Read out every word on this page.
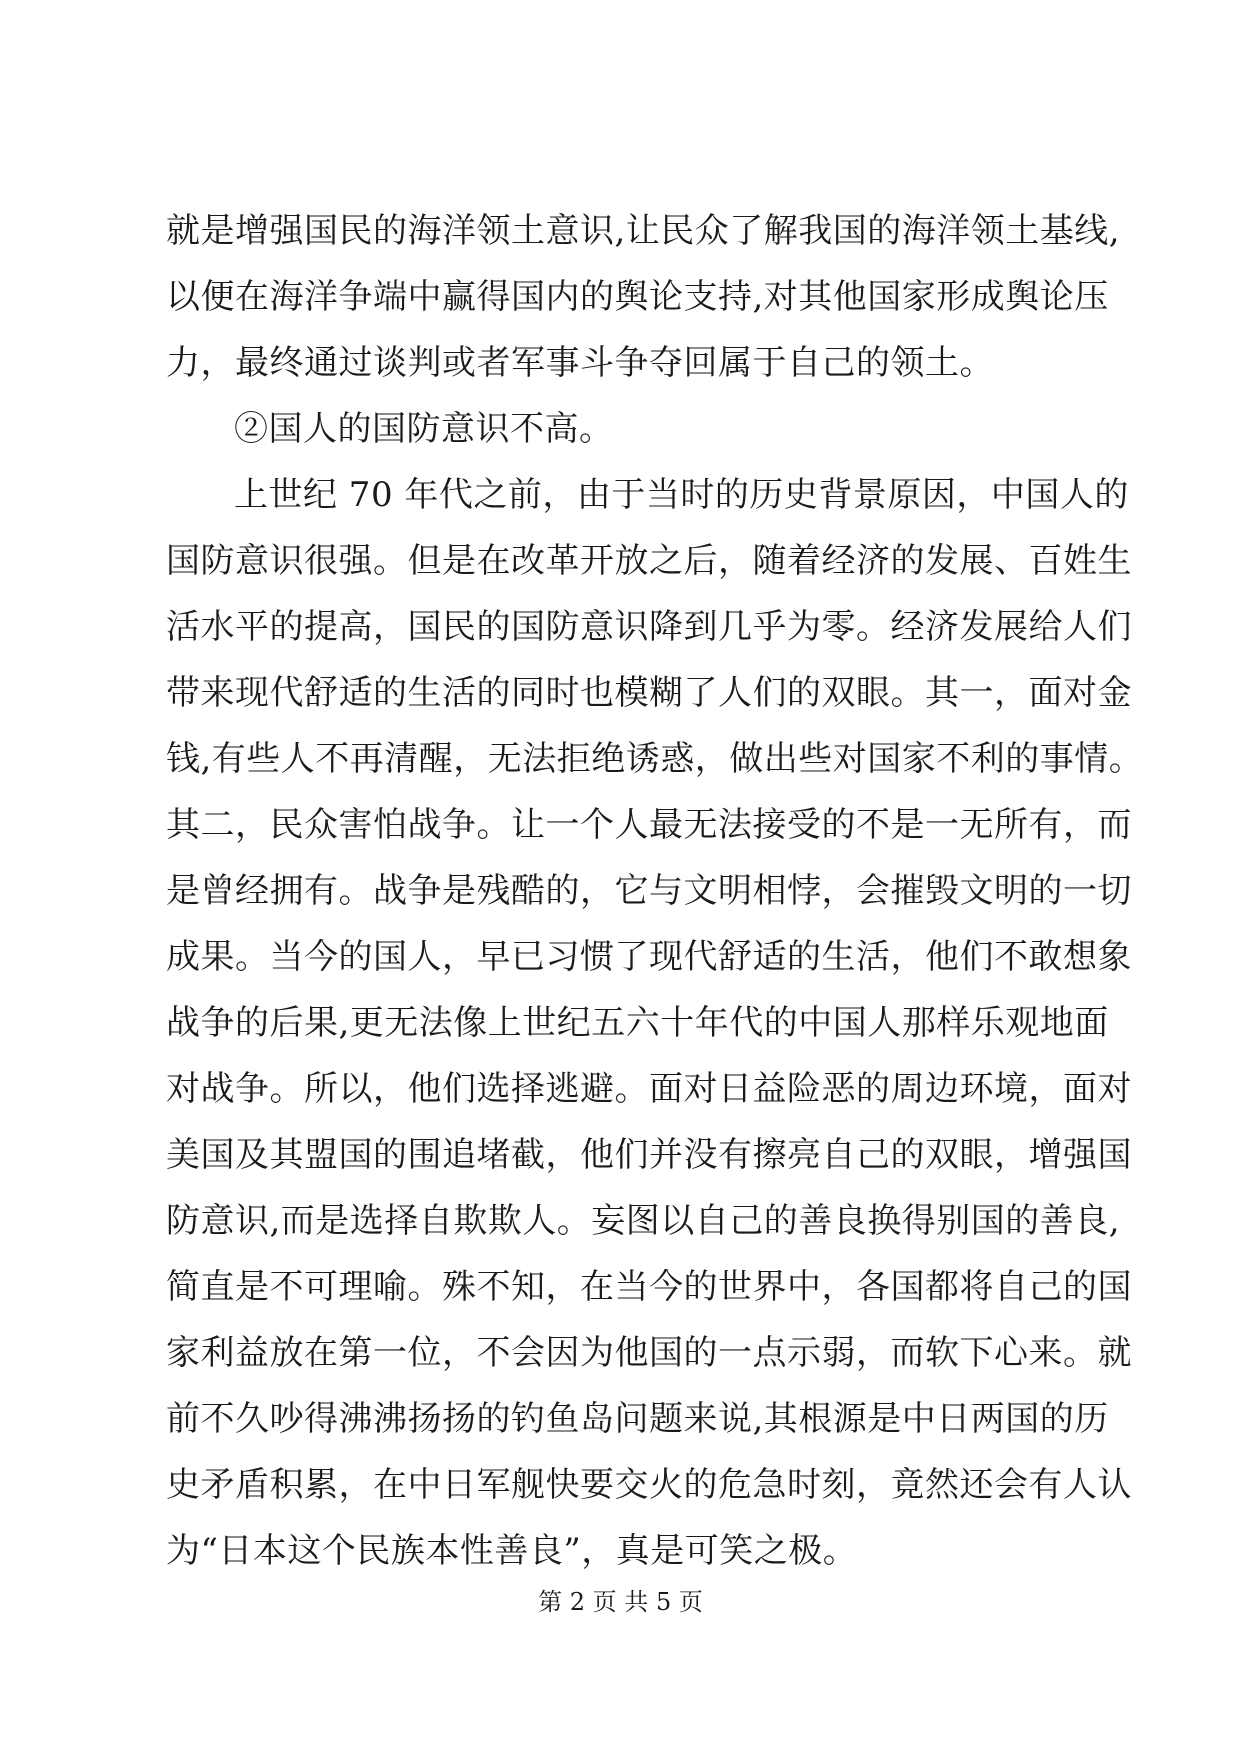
就是增强国民的海洋领土意识,让民众了解我国的海洋领土基线,
以便在海洋争端中赢得国内的舆论支持,对其他国家形成舆论压
力，最终通过谈判或者军事斗争夺回属于自己的领土。
②国人的国防意识不高。
上世纪 70 年代之前，由于当时的历史背景原因，中国人的
国防意识很强。但是在改革开放之后，随着经济的发展、百姓生
活水平的提高，国民的国防意识降到几乎为零。经济发展给人们
带来现代舒适的生活的同时也模糊了人们的双眼。其一，面对金
钱,有些人不再清醒，无法拒绝诱惑，做出些对国家不利的事情。
其二，民众害怕战争。让一个人最无法接受的不是一无所有，而
是曾经拥有。战争是残酷的，它与文明相悖，会摧毁文明的一切
成果。当今的国人，早已习惯了现代舒适的生活，他们不敢想象
战争的后果,更无法像上世纪五六十年代的中国人那样乐观地面
对战争。所以，他们选择逃避。面对日益险恶的周边环境，面对
美国及其盟国的围追堵截，他们并没有擦亮自己的双眼，增强国
防意识,而是选择自欺欺人。妄图以自己的善良换得别国的善良,
简直是不可理喻。殊不知，在当今的世界中，各国都将自己的国
家利益放在第一位，不会因为他国的一点示弱，而软下心来。就
前不久吵得沸沸扬扬的钓鱼岛问题来说,其根源是中日两国的历
史矛盾积累，在中日军舰快要交火的危急时刻，竟然还会有人认
为“日本这个民族本性善良”，真是可笑之极。
第 2 页 共 5 页
